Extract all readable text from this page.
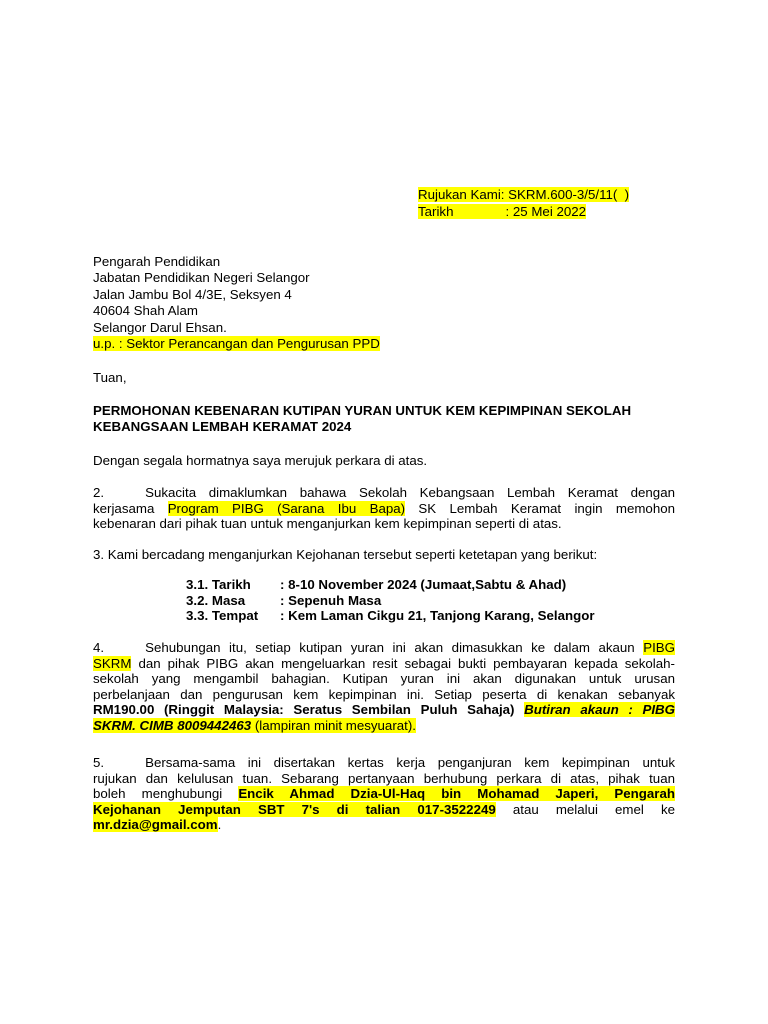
Rujukan Kami: SKRM.600-3/5/11(  )
Tarikh	: 25 Mei 2022
Pengarah Pendidikan
Jabatan Pendidikan Negeri Selangor
Jalan Jambu Bol 4/3E, Seksyen 4
40604 Shah Alam
Selangor Darul Ehsan.
u.p. : Sektor Perancangan dan Pengurusan PPD
Tuan,
PERMOHONAN KEBENARAN KUTIPAN YURAN UNTUK KEM KEPIMPINAN SEKOLAH
KEBANGSAAN LEMBAH KERAMAT 2024
Dengan segala hormatnya saya merujuk perkara di atas.
2.	Sukacita dimaklumkan bahawa Sekolah Kebangsaan Lembah Keramat dengan
kerjasama Program PIBG (Sarana Ibu Bapa) SK Lembah Keramat ingin memohon
kebenaran dari pihak tuan untuk menganjurkan kem kepimpinan seperti di atas.
3. Kami bercadang menganjurkan Kejohanan tersebut seperti ketetapan yang berikut:
3.1. Tarikh : 8-10 November 2024 (Jumaat,Sabtu & Ahad)
3.2. Masa	: Sepenuh Masa
3.3. Tempat : Kem Laman Cikgu 21, Tanjong Karang, Selangor
4.	Sehubungan itu, setiap kutipan yuran ini akan dimasukkan ke dalam akaun PIBG
SKRM dan pihak PIBG akan mengeluarkan resit sebagai bukti pembayaran kepada sekolah-
sekolah yang mengambil bahagian. Kutipan yuran ini akan digunakan untuk urusan
perbelanjaan dan pengurusan kem kepimpinan ini. Setiap peserta di kenakan sebanyak
RM190.00 (Ringgit Malaysia: Seratus Sembilan Puluh Sahaja) Butiran akaun : PIBG
SKRM. CIMB 8009442463 (lampiran minit mesyuarat).
5.	Bersama-sama ini disertakan kertas kerja penganjuran kem kepimpinan untuk
rujukan dan kelulusan tuan. Sebarang pertanyaan berhubung perkara di atas, pihak tuan
boleh menghubungi Encik Ahmad Dzia-Ul-Haq bin Mohamad Japeri, Pengarah
Kejohanan Jemputan SBT 7's di talian 017-3522249 atau melalui emel ke
mr.dzia@gmail.com.
